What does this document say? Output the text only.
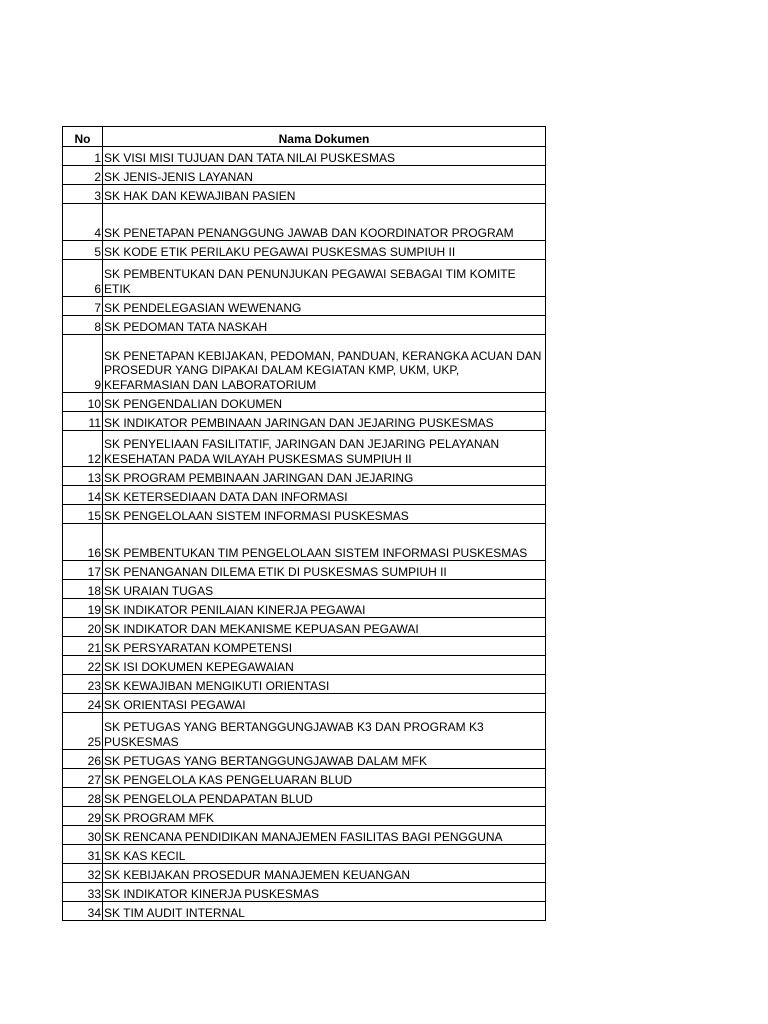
No	Nama Dokumen
1	SK VISI MISI TUJUAN DAN TATA NILAI PUSKESMAS
2	SK JENIS-JENIS LAYANAN
3	SK HAK DAN KEWAJIBAN PASIEN
4	SK PENETAPAN PENANGGUNG JAWAB DAN KOORDINATOR PROGRAM
5	SK KODE ETIK PERILAKU PEGAWAI PUSKESMAS SUMPIUH II
6	SK PEMBENTUKAN DAN PENUNJUKAN PEGAWAI SEBAGAI TIM KOMITE ETIK
7	SK PENDELEGASIAN WEWENANG
8	SK PEDOMAN TATA NASKAH
9	SK PENETAPAN KEBIJAKAN, PEDOMAN, PANDUAN, KERANGKA ACUAN DAN PROSEDUR YANG DIPAKAI DALAM KEGIATAN KMP, UKM, UKP, KEFARMASIAN DAN LABORATORIUM
10	SK PENGENDALIAN DOKUMEN
11	SK INDIKATOR PEMBINAAN JARINGAN DAN JEJARING PUSKESMAS
12	SK PENYELIAAN FASILITATIF, JARINGAN DAN JEJARING PELAYANAN KESEHATAN PADA WILAYAH PUSKESMAS SUMPIUH II
13	SK PROGRAM PEMBINAAN JARINGAN DAN JEJARING
14	SK KETERSEDIAAN DATA DAN INFORMASI
15	SK PENGELOLAAN SISTEM INFORMASI PUSKESMAS
16	SK PEMBENTUKAN TIM PENGELOLAAN SISTEM INFORMASI PUSKESMAS
17	SK PENANGANAN DILEMA ETIK DI PUSKESMAS SUMPIUH II
18	SK URAIAN TUGAS
19	SK INDIKATOR PENILAIAN KINERJA PEGAWAI
20	SK INDIKATOR DAN MEKANISME KEPUASAN PEGAWAI
21	SK PERSYARATAN KOMPETENSI
22	SK ISI DOKUMEN KEPEGAWAIAN
23	SK KEWAJIBAN MENGIKUTI ORIENTASI
24	SK ORIENTASI PEGAWAI
25	SK PETUGAS YANG BERTANGGUNGJAWAB K3 DAN PROGRAM K3 PUSKESMAS
26	SK PETUGAS YANG BERTANGGUNGJAWAB DALAM MFK
27	SK PENGELOLA KAS PENGELUARAN BLUD
28	SK PENGELOLA PENDAPATAN BLUD
29	SK PROGRAM MFK
30	SK RENCANA PENDIDIKAN MANAJEMEN FASILITAS BAGI PENGGUNA
31	SK KAS KECIL
32	SK KEBIJAKAN PROSEDUR MANAJEMEN KEUANGAN
33	SK INDIKATOR KINERJA PUSKESMAS
34	SK TIM AUDIT INTERNAL
